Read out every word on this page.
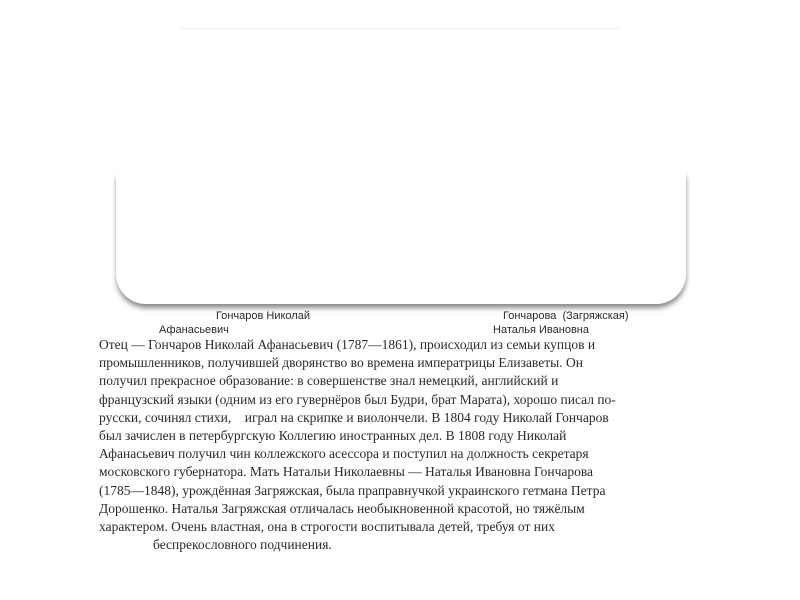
Гончаров Николай
Афанасьевич
Гончарова  (Загряжская)
Наталья Ивановна
Отец — Гончаров Николай Афанасьевич (1787—1861), происходил из семьи купцов и
промышленников, получившей дворянство во времена императрицы Елизаветы. Он
получил прекрасное образование: в совершенстве знал немецкий, английский и
французский языки (одним из его гувернёров был Будри, брат Марата), хорошо писал по-
русски, сочинял стихи,    играл на скрипке и виолончели. В 1804 году Николай Гончаров
был зачислен в петербургскую Коллегию иностранных дел. В 1808 году Николай
Афанасьевич получил чин коллежского асессора и поступил на должность секретаря
московского губернатора. Мать Натальи Николаевны — Наталья Ивановна Гончарова
(1785—1848), урождённая Загряжская, была праправнучкой украинского гетмана Петра
Дорошенко. Наталья Загряжская отличалась необыкновенной красотой, но тяжёлым
характером. Очень властная, она в строгости воспитывала детей, требуя от них
беспрекословного подчинения.
